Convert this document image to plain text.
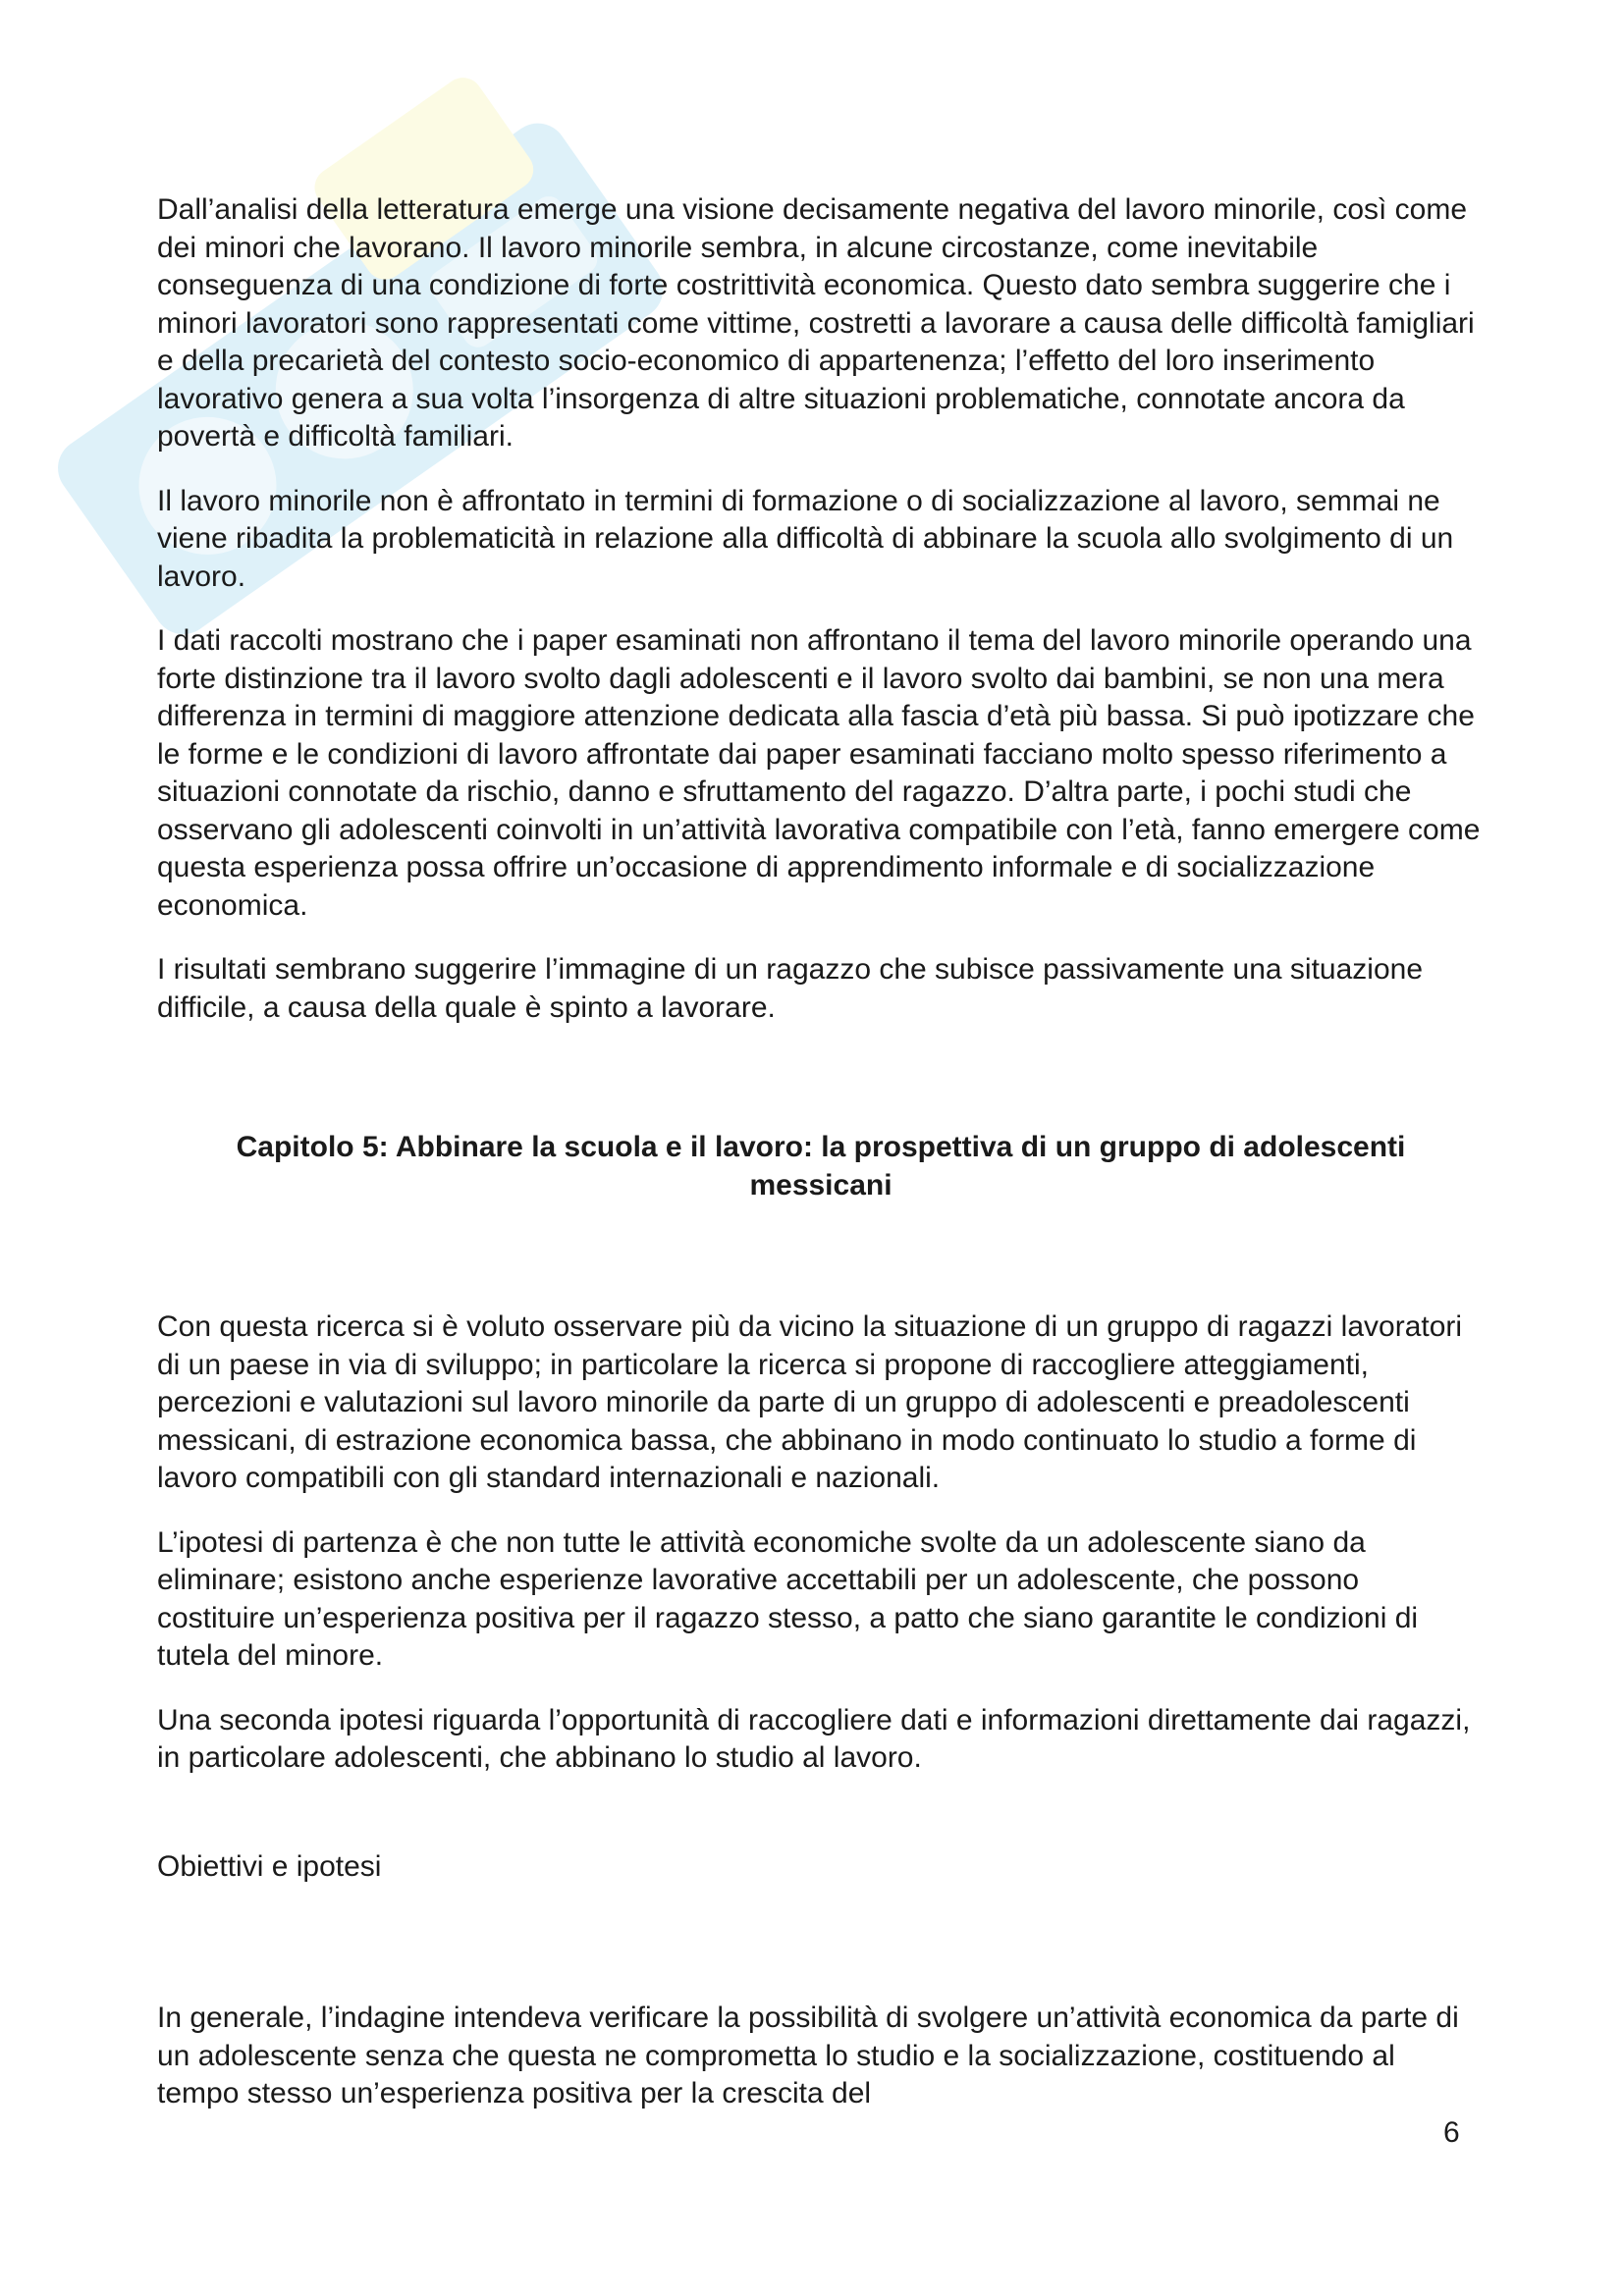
Dall’analisi della letteratura emerge una visione decisamente negativa del lavoro minorile, così come dei minori che lavorano. Il lavoro minorile sembra, in alcune circostanze, come inevitabile conseguenza di una condizione di forte costrittività economica. Questo dato sembra suggerire che i minori lavoratori sono rappresentati come vittime, costretti a lavorare a causa delle difficoltà famigliari e della precarietà del contesto socio-economico di appartenenza; l’effetto del loro inserimento lavorativo genera a sua volta l’insorgenza di altre situazioni problematiche, connotate ancora da povertà e difficoltà familiari.

Il lavoro minorile non è affrontato in termini di formazione o di socializzazione al lavoro, semmai ne viene ribadita la problematicità in relazione alla difficoltà di abbinare la scuola allo svolgimento di un lavoro.

I dati raccolti mostrano che i paper esaminati non affrontano il tema del lavoro minorile operando una forte distinzione tra il lavoro svolto dagli adolescenti e il lavoro svolto dai bambini, se non una mera differenza in termini di maggiore attenzione dedicata alla fascia d’età più bassa. Si può ipotizzare che le forme e le condizioni di lavoro affrontate dai paper esaminati facciano molto spesso riferimento a situazioni connotate da rischio, danno e sfruttamento del ragazzo. D’altra parte, i pochi studi che osservano gli adolescenti coinvolti in un’attività lavorativa compatibile con l’età, fanno emergere come questa esperienza possa offrire un’occasione di apprendimento informale e di socializzazione economica.

I risultati sembrano suggerire l’immagine di un ragazzo che subisce passivamente una situazione difficile, a causa della quale è spinto a lavorare.

Capitolo 5: Abbinare la scuola e il lavoro: la prospettiva di un gruppo di adolescenti messicani

Con questa ricerca si è voluto osservare più da vicino la situazione di un gruppo di ragazzi lavoratori di un paese in via di sviluppo; in particolare la ricerca si propone di raccogliere atteggiamenti, percezioni e valutazioni sul lavoro minorile da parte di un gruppo di adolescenti e preadolescenti messicani, di estrazione economica bassa, che abbinano in modo continuato lo studio a forme di lavoro compatibili con gli standard internazionali e nazionali.

L’ipotesi di partenza è che non tutte le attività economiche svolte da un adolescente siano da eliminare; esistono anche esperienze lavorative accettabili per un adolescente, che possono costituire un’esperienza positiva per il ragazzo stesso, a patto che siano garantite le condizioni di tutela del minore.

Una seconda ipotesi riguarda l’opportunità di raccogliere dati e informazioni direttamente dai ragazzi, in particolare adolescenti, che abbinano lo studio al lavoro.

Obiettivi e ipotesi

In generale, l’indagine intendeva verificare la possibilità di svolgere un’attività economica da parte di un adolescente senza che questa ne comprometta lo studio e la socializzazione, costituendo al tempo stesso un’esperienza positiva per la crescita del

6
